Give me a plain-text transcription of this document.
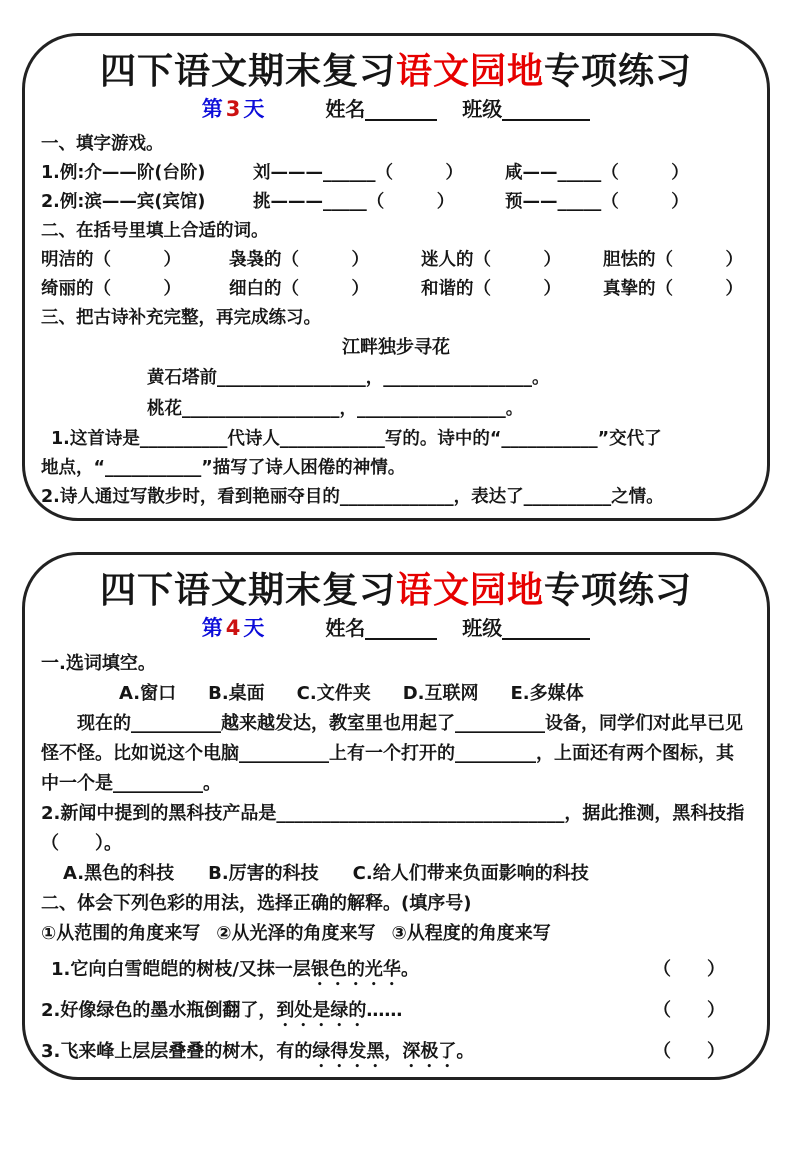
四下语文期末复习语文园地专项练习
第 3 天	姓名	班级
一、填字游戏。
1.例:介——阶(台阶)	刘———______（　　　）	咸——_____（　　　）
2.例:滨——宾(宾馆)	挑———_____（　　　）	预——_____（　　　）
二、在括号里填上合适的词。
明洁的（　　　）	袅袅的（　　　）	迷人的（　　　）	胆怯的（　　　）
绮丽的（　　　）	细白的（　　　）	和谐的（　　　）	真挚的（　　　）
三、把古诗补充完整，再完成练习。
江畔独步寻花
黄石塔前_________________，_________________。
桃花__________________，_________________。
1.这首诗是__________代诗人____________写的。诗中的“___________”交代了
地点，“___________”描写了诗人困倦的神情。
2.诗人通过写散步时，看到艳丽夺目的_____________，表达了__________之情。
四下语文期末复习语文园地专项练习
第 4 天	姓名	班级
一.选词填空。
A.窗口 B.桌面 C.文件夹 D.互联网 E.多媒体
现在的__________越来越发达，教室里也用起了__________设备，同学们对此早已见
怪不怪。比如说这个电脑__________上有一个打开的_________，上面还有两个图标，其
中一个是__________。
2.新闻中提到的黑科技产品是________________________________，据此推测，黑科技指
（　　）。
A.黑色的科技 B.厉害的科技 C.给人们带来负面影响的科技
二、体会下列色彩的用法，选择正确的解释。(填序号)
①从范围的角度来写 ②从光泽的角度来写 ③从程度的角度来写
1.它向白雪皑皑的树枝/又抹一层银色的光华。	（　　）
2.好像绿色的墨水瓶倒翻了，到处是绿的……	（　　）
3.飞来峰上层层叠叠的树木，有的绿得发黑，深极了。	（　　）
